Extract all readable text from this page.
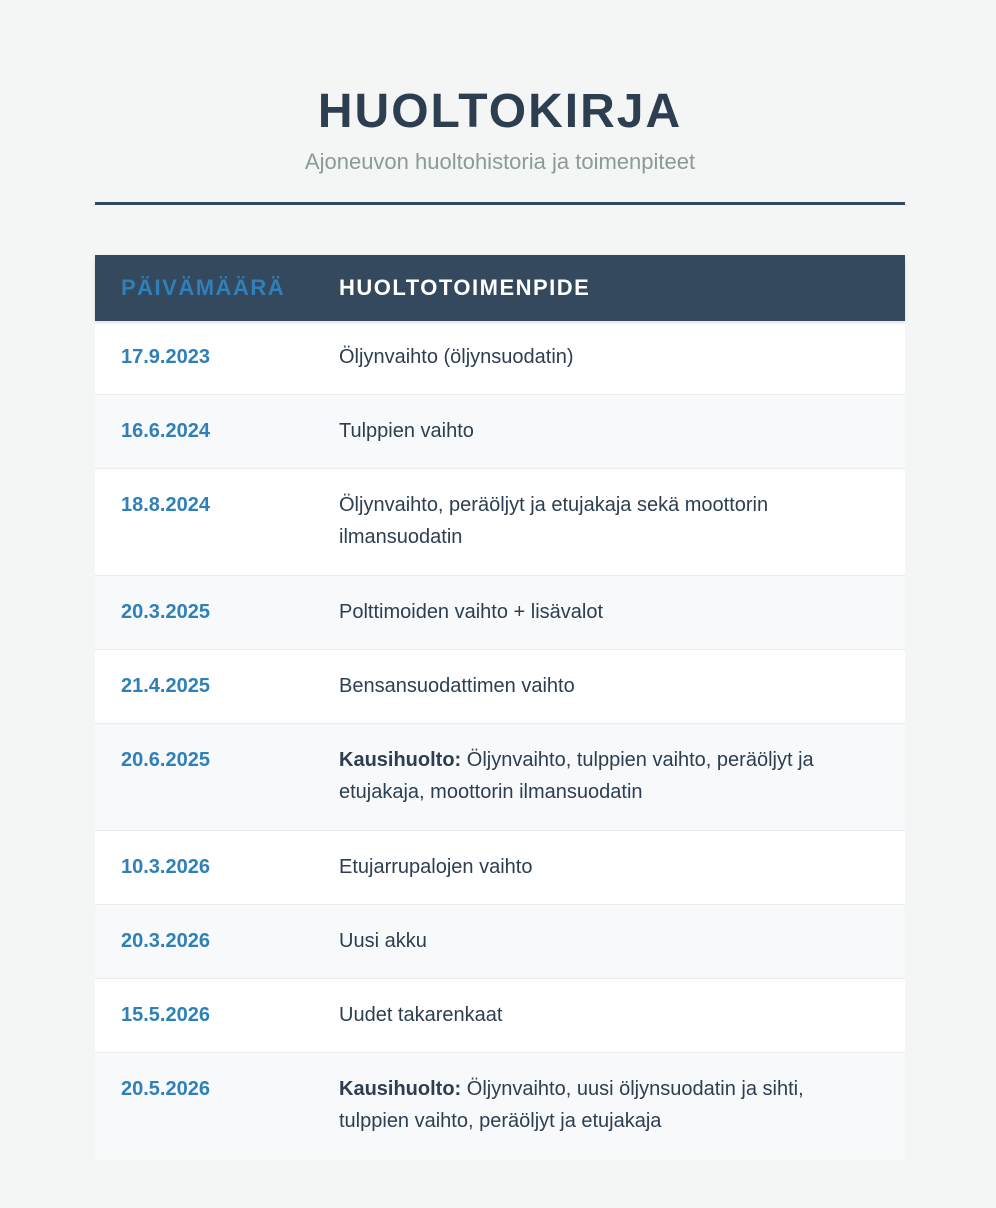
HUOLTOKIRJA
Ajoneuvon huoltohistoria ja toimenpiteet
PÄIVÄMÄÄRÄ	HUOLTOTOIMENPIDE
17.9.2023	Öljynvaihto (öljynsuodatin)
16.6.2024	Tulppien vaihto
18.8.2024	Öljynvaihto, peräöljyt ja etujakaja sekä moottorin ilmansuodatin
20.3.2025	Polttimoiden vaihto + lisävalot
21.4.2025	Bensansuodattimen vaihto
20.6.2025	Kausihuolto: Öljynvaihto, tulppien vaihto, peräöljyt ja etujakaja, moottorin ilmansuodatin
10.3.2026	Etujarrupalojen vaihto
20.3.2026	Uusi akku
15.5.2026	Uudet takarenkaat
20.5.2026	Kausihuolto: Öljynvaihto, uusi öljynsuodatin ja sihti, tulppien vaihto, peräöljyt ja etujakaja
